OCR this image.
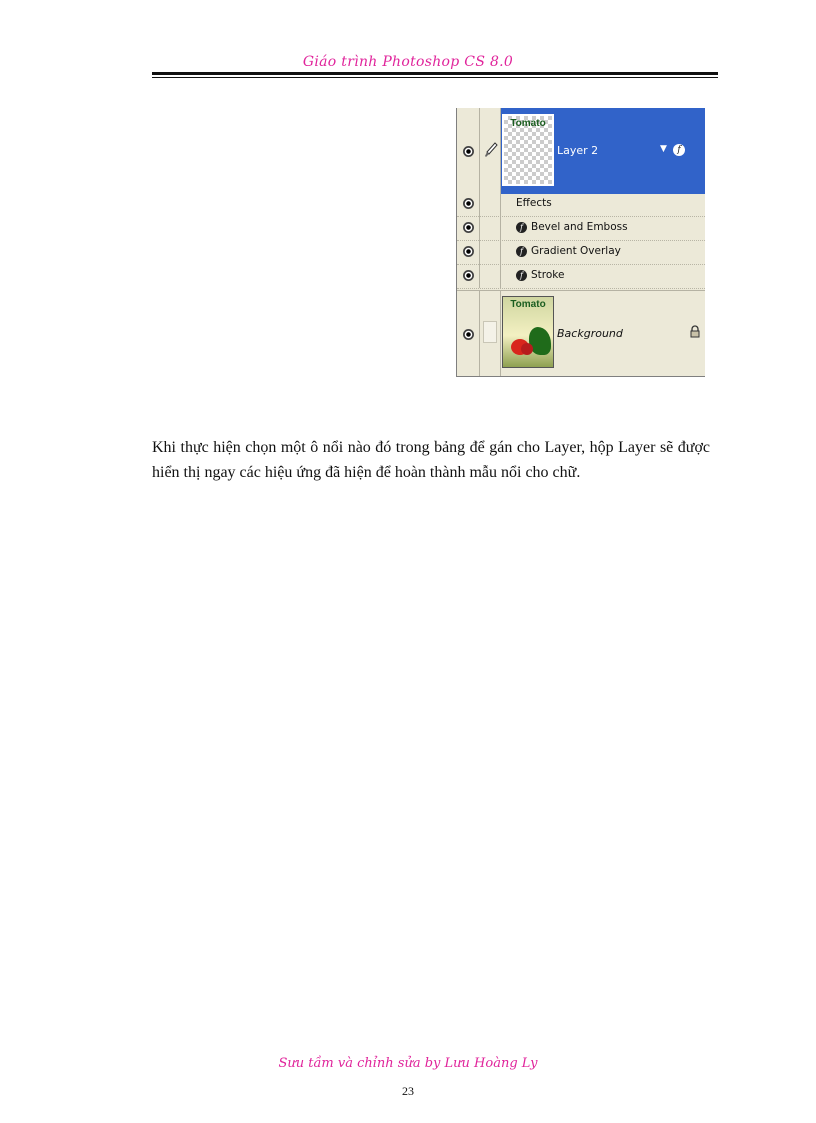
Giáo trình Photoshop CS 8.0
Tomato
Layer 2	▼	f
Effects
f Bevel and Emboss
f Gradient Overlay
f Stroke
Tomato
Background

Khi thực hiện chọn một ô nổi nào đó trong bảng để gán cho Layer, hộp Layer sẽ được hiển thị ngay các hiệu ứng đã hiện để hoàn thành mẫu nổi cho chữ.

Sưu tầm và chỉnh sửa by Lưu Hoàng Ly
23
